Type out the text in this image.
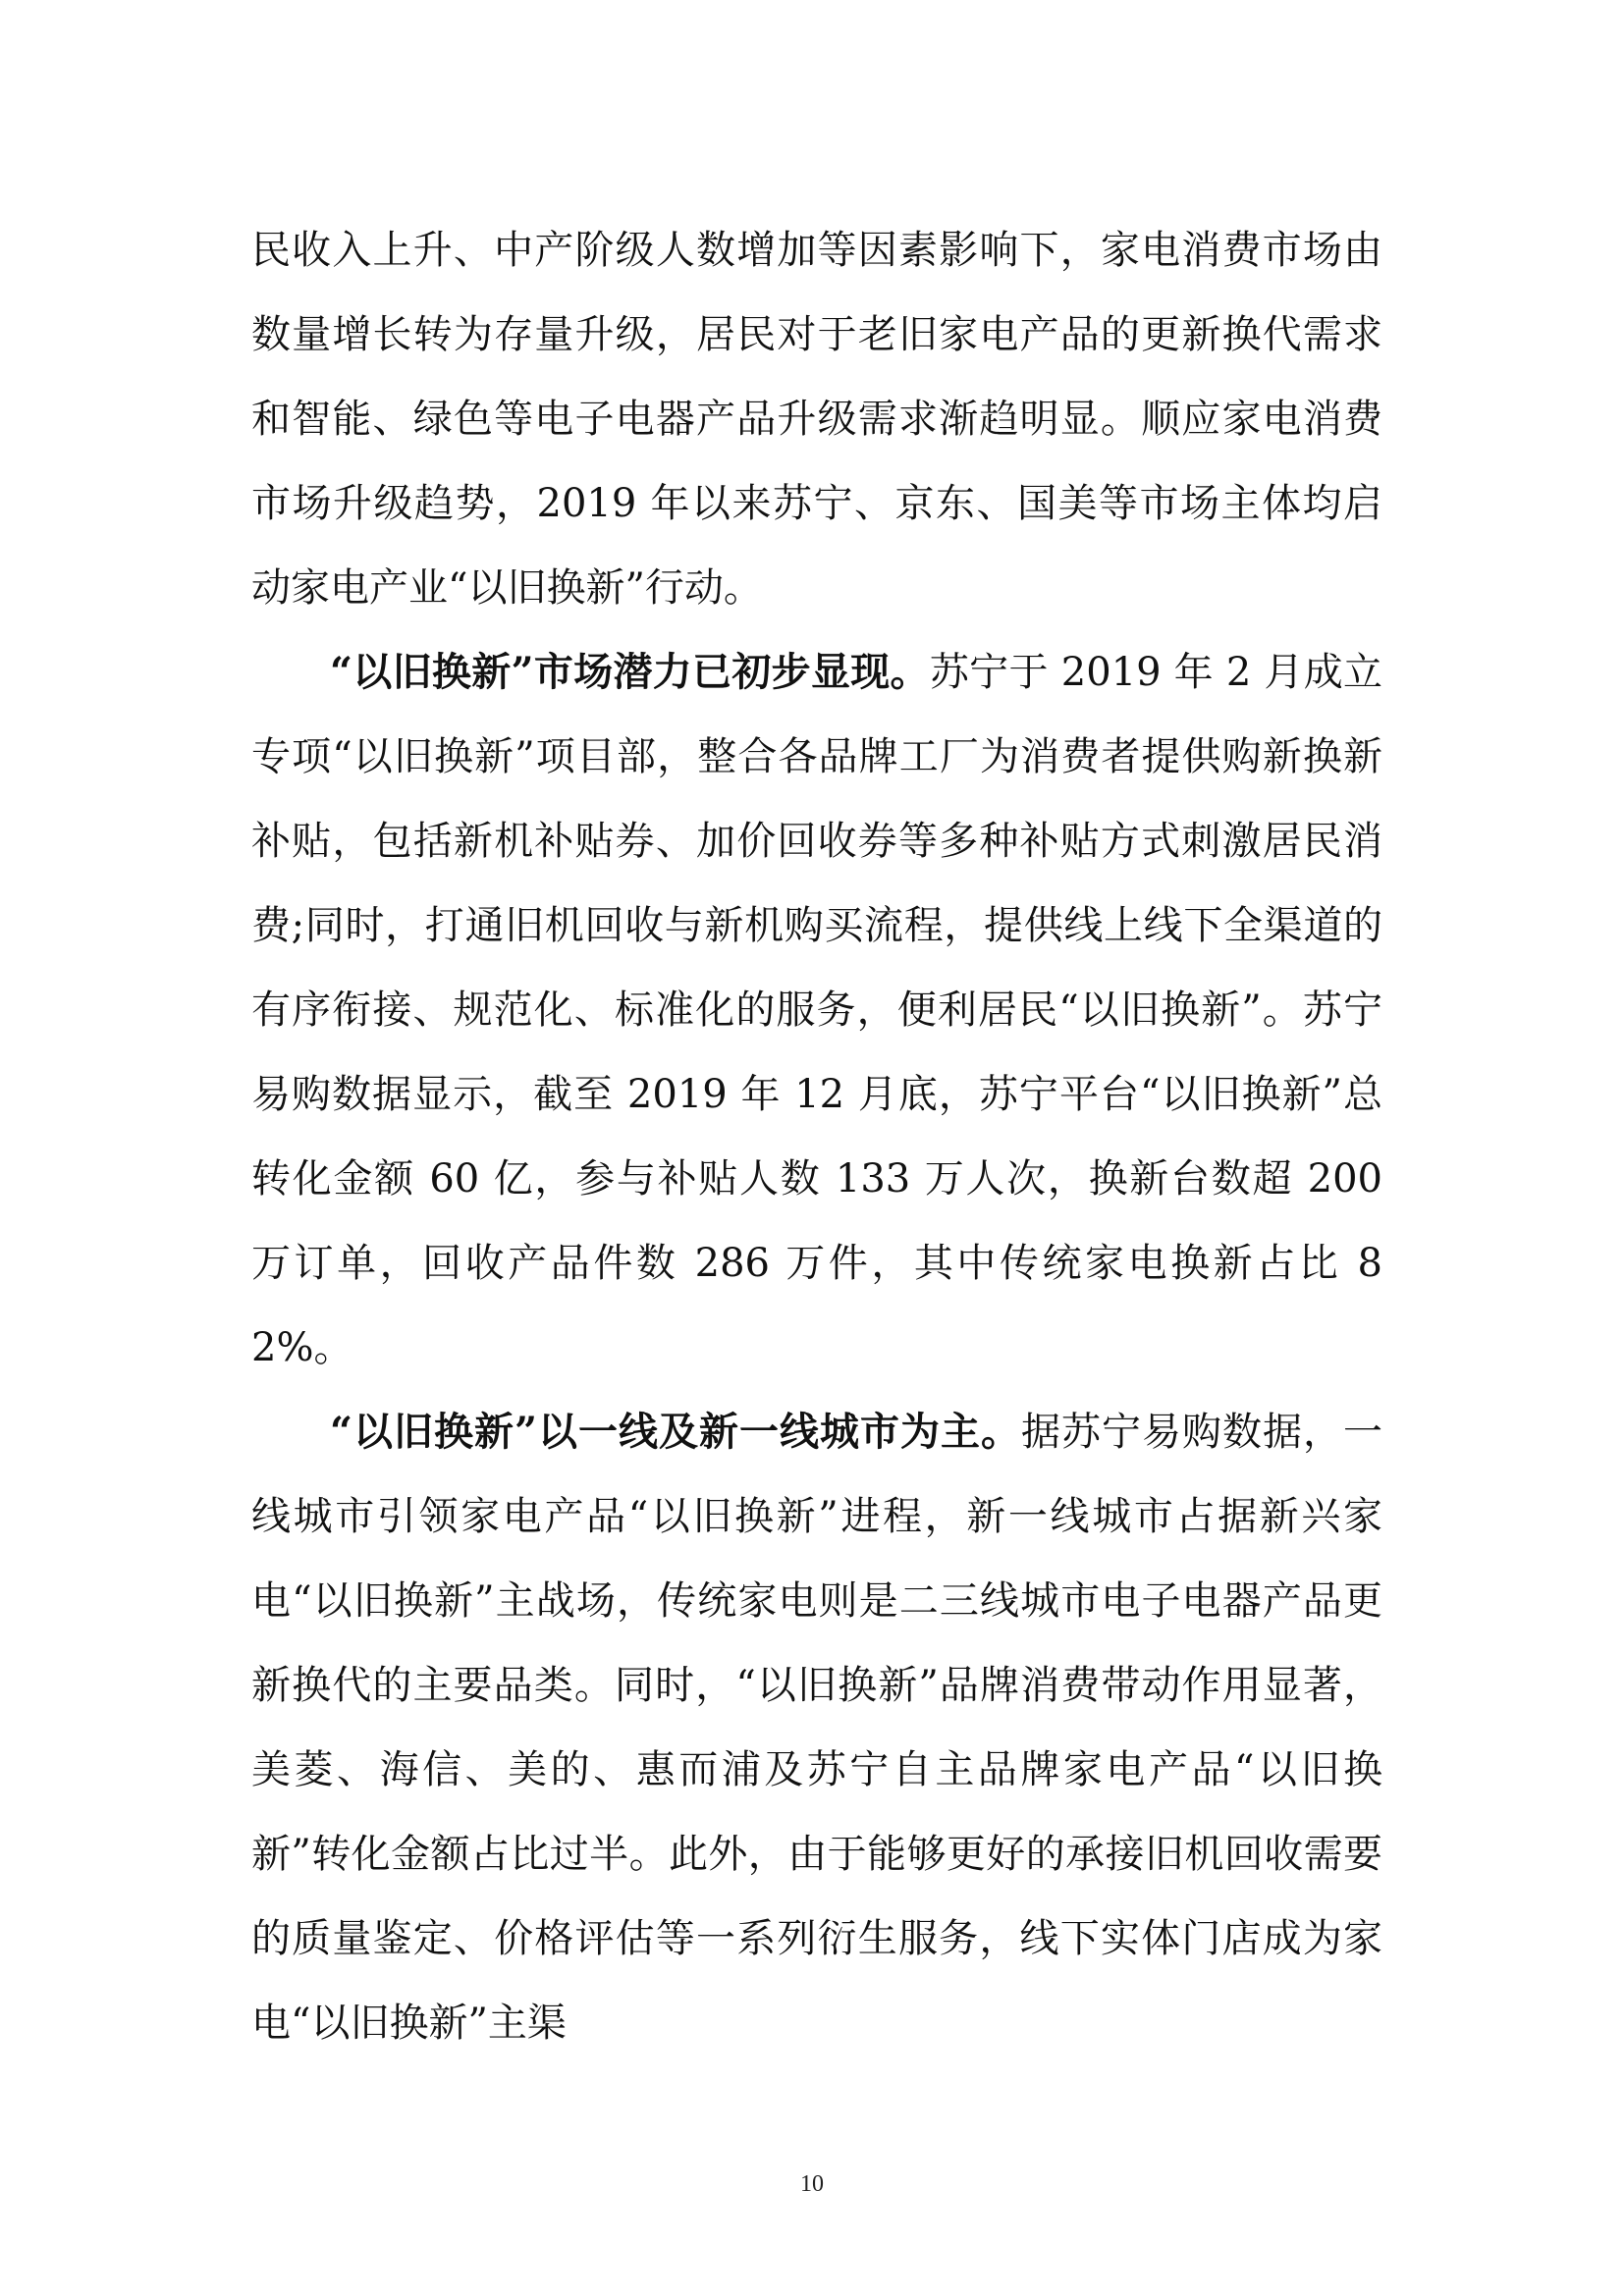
民收入上升、中产阶级人数增加等因素影响下，家电消费市场由数量增长转为存量升级，居民对于老旧家电产品的更新换代需求和智能、绿色等电子电器产品升级需求渐趋明显。顺应家电消费市场升级趋势，2019 年以来苏宁、京东、国美等市场主体均启动家电产业“以旧换新”行动。

“以旧换新”市场潜力已初步显现。苏宁于 2019 年 2 月成立专项“以旧换新”项目部，整合各品牌工厂为消费者提供购新换新补贴，包括新机补贴券、加价回收券等多种补贴方式刺激居民消费;同时，打通旧机回收与新机购买流程，提供线上线下全渠道的有序衔接、规范化、标准化的服务，便利居民“以旧换新”。苏宁易购数据显示，截至 2019 年 12 月底，苏宁平台“以旧换新”总转化金额 60 亿，参与补贴人数 133 万人次，换新台数超 200 万订单，回收产品件数 286 万件，其中传统家电换新占比 82%。

“以旧换新”以一线及新一线城市为主。据苏宁易购数据，一线城市引领家电产品“以旧换新”进程，新一线城市占据新兴家电“以旧换新”主战场，传统家电则是二三线城市电子电器产品更新换代的主要品类。同时，“以旧换新”品牌消费带动作用显著，美菱、海信、美的、惠而浦及苏宁自主品牌家电产品“以旧换新”转化金额占比过半。此外，由于能够更好的承接旧机回收需要的质量鉴定、价格评估等一系列衍生服务，线下实体门店成为家电“以旧换新”主渠

10
